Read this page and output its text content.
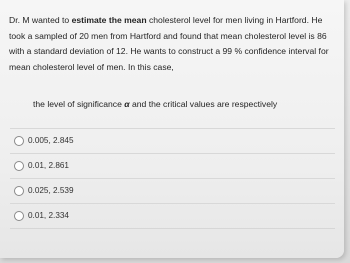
Dr. M wanted to estimate the mean cholesterol level for men living in Hartford. He took a sampled of 20 men from Hartford and found that mean cholesterol level is 86 with a standard deviation of 12. He wants to construct a 99 % confidence interval for mean cholesterol level of men. In this case,
the level of significance α and the critical values are respectively
0.005, 2.845
0.01, 2.861
0.025, 2.539
0.01, 2.334
